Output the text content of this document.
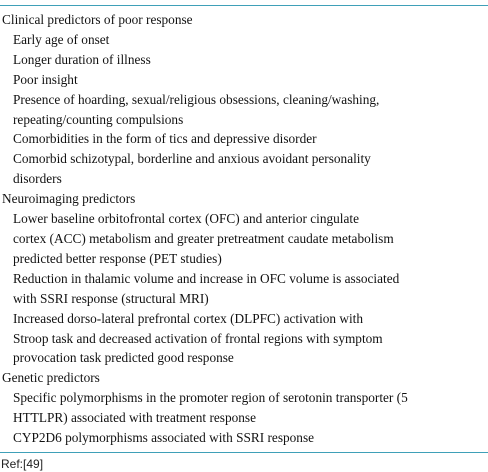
Clinical predictors of poor response
Early age of onset
Longer duration of illness
Poor insight
Presence of hoarding, sexual/religious obsessions, cleaning/washing,
repeating/counting compulsions
Comorbidities in the form of tics and depressive disorder
Comorbid schizotypal, borderline and anxious avoidant personality
disorders
Neuroimaging predictors
Lower baseline orbitofrontal cortex (OFC) and anterior cingulate
cortex (ACC) metabolism and greater pretreatment caudate metabolism
predicted better response (PET studies)
Reduction in thalamic volume and increase in OFC volume is associated
with SSRI response (structural MRI)
Increased dorso-lateral prefrontal cortex (DLPFC) activation with
Stroop task and decreased activation of frontal regions with symptom
provocation task predicted good response
Genetic predictors
Specific polymorphisms in the promoter region of serotonin transporter (5
HTTLPR) associated with treatment response
CYP2D6 polymorphisms associated with SSRI response
Ref:[49]
